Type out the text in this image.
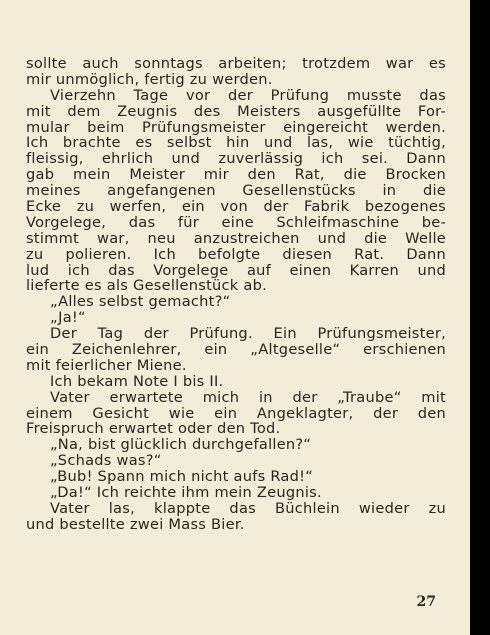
sollte auch sonntags arbeiten; trotzdem war es
mir unmöglich, fertig zu werden.
Vierzehn Tage vor der Prüfung musste das
mit dem Zeugnis des Meisters ausgefüllte For-
mular beim Prüfungsmeister eingereicht werden.
Ich brachte es selbst hin und las, wie tüchtig,
fleissig, ehrlich und zuverlässig ich sei. Dann
gab mein Meister mir den Rat, die Brocken
meines angefangenen Gesellenstücks in die
Ecke zu werfen, ein von der Fabrik bezogenes
Vorgelege, das für eine Schleifmaschine be-
stimmt war, neu anzustreichen und die Welle
zu polieren. Ich befolgte diesen Rat. Dann
lud ich das Vorgelege auf einen Karren und
lieferte es als Gesellenstück ab.
„Alles selbst gemacht?“
„Ja!“
Der Tag der Prüfung. Ein Prüfungsmeister,
ein Zeichenlehrer, ein „Altgeselle“ erschienen
mit feierlicher Miene.
Ich bekam Note I bis II.
Vater erwartete mich in der „Traube“ mit
einem Gesicht wie ein Angeklagter, der den
Freispruch erwartet oder den Tod.
„Na, bist glücklich durchgefallen?“
„Schads was?“
„Bub! Spann mich nicht aufs Rad!“
„Da!“ Ich reichte ihm mein Zeugnis.
Vater las, klappte das Büchlein wieder zu
und bestellte zwei Mass Bier.
27
